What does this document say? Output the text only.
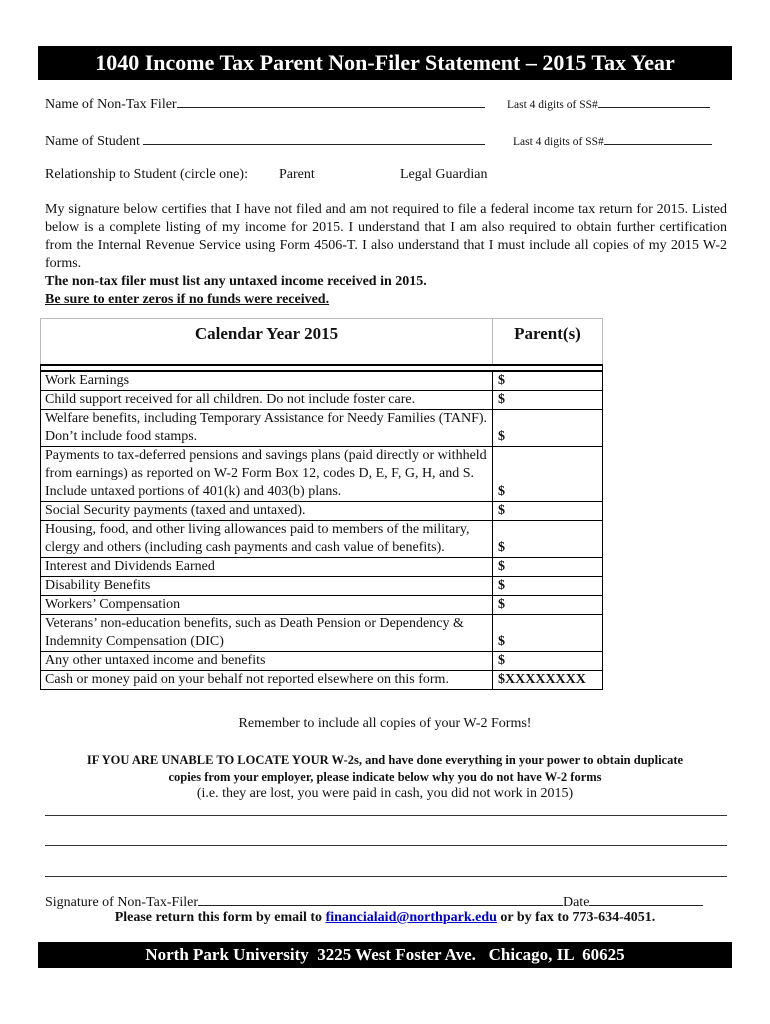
1040 Income Tax Parent Non-Filer Statement – 2015 Tax Year
Name of Non-Tax Filer	Last 4 digits of SS#
Name of Student	Last 4 digits of SS#
Relationship to Student (circle one): Parent	Legal Guardian
My signature below certifies that I have not filed and am not required to file a federal income tax return for 2015. Listed below is a complete listing of my income for 2015. I understand that I am also required to obtain further certification from the Internal Revenue Service using Form 4506-T. I also understand that I must include all copies of my 2015 W-2 forms.
The non-tax filer must list any untaxed income received in 2015.
Be sure to enter zeros if no funds were received.
Calendar Year 2015	Parent(s)

Work Earnings	$
Child support received for all children. Do not include foster care.	$
Welfare benefits, including Temporary Assistance for Needy Families (TANF). Don’t include food stamps.	$
Payments to tax-deferred pensions and savings plans (paid directly or withheld from earnings) as reported on W-2 Form Box 12, codes D, E, F, G, H, and S. Include untaxed portions of 401(k) and 403(b) plans.	$
Social Security payments (taxed and untaxed).	$
Housing, food, and other living allowances paid to members of the military, clergy and others (including cash payments and cash value of benefits).	$
Interest and Dividends Earned	$
Disability Benefits	$
Workers’ Compensation	$
Veterans’ non-education benefits, such as Death Pension or Dependency & Indemnity Compensation (DIC)	$
Any other untaxed income and benefits	$
Cash or money paid on your behalf not reported elsewhere on this form.	$XXXXXXXX
Remember to include all copies of your W-2 Forms!
IF YOU ARE UNABLE TO LOCATE YOUR W-2s, and have done everything in your power to obtain duplicate
copies from your employer, please indicate below why you do not have W-2 forms
(i.e. they are lost, you were paid in cash, you did not work in 2015)
Signature of Non-Tax-Filer	Date
Please return this form by email to financialaid@northpark.edu or by fax to 773-634-4051.
North Park University  3225 West Foster Ave.   Chicago, IL  60625
